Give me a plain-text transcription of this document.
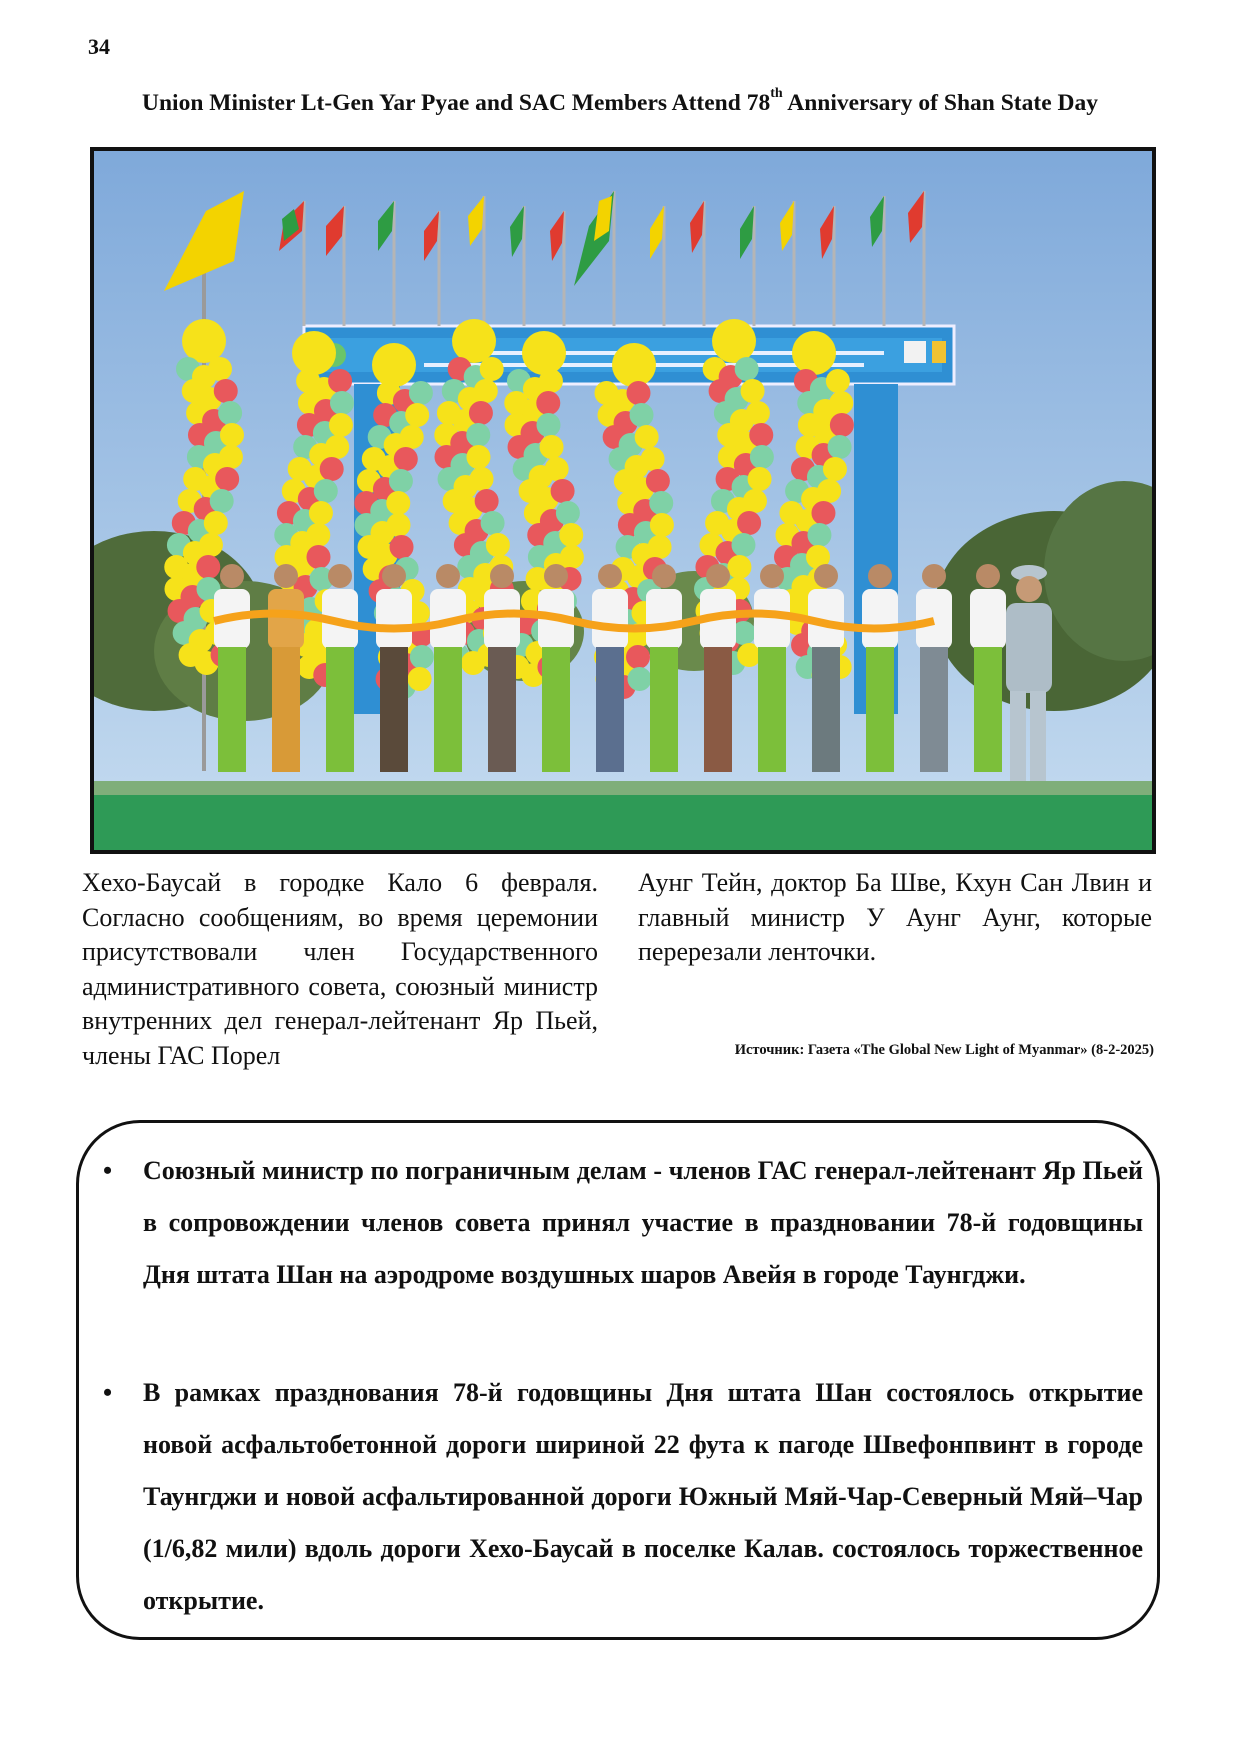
34
Union Minister Lt-Gen Yar Pyae and SAC Members Attend 78th Anniversary of Shan State Day
Хехо-Баусай в городке Кало 6 февраля. Согласно сообщениям, во время церемонии присутствовали член Государственного административного совета, союзный министр внутренних дел генерал-лейтенант Яр Пьей, члены ГАС Порел
Аунг Тейн, доктор Ба Шве, Кхун Сан Лвин и главный министр У Аунг Аунг, которые перерезали ленточки.
Источник: Газета «The Global New Light of Myanmar» (8-2-2025)
• Союзный министр по пограничным делам - членов ГАС генерал-лейтенант Яр Пьей в сопровождении членов совета принял участие в праздновании 78-й годовщины Дня штата Шан на аэродроме воздушных шаров Авейя в городе Таунгджи.
• В рамках празднования 78-й годовщины Дня штата Шан состоялось открытие новой асфальтобетонной дороги шириной 22 фута к пагоде Швефонпвинт в городе Таунгджи и новой асфальтированной дороги Южный Мяй-Чар-Северный Мяй–Чар (1/6,82 мили) вдоль дороги Хехо-Баусай в поселке Калав. состоялось торжественное открытие.
